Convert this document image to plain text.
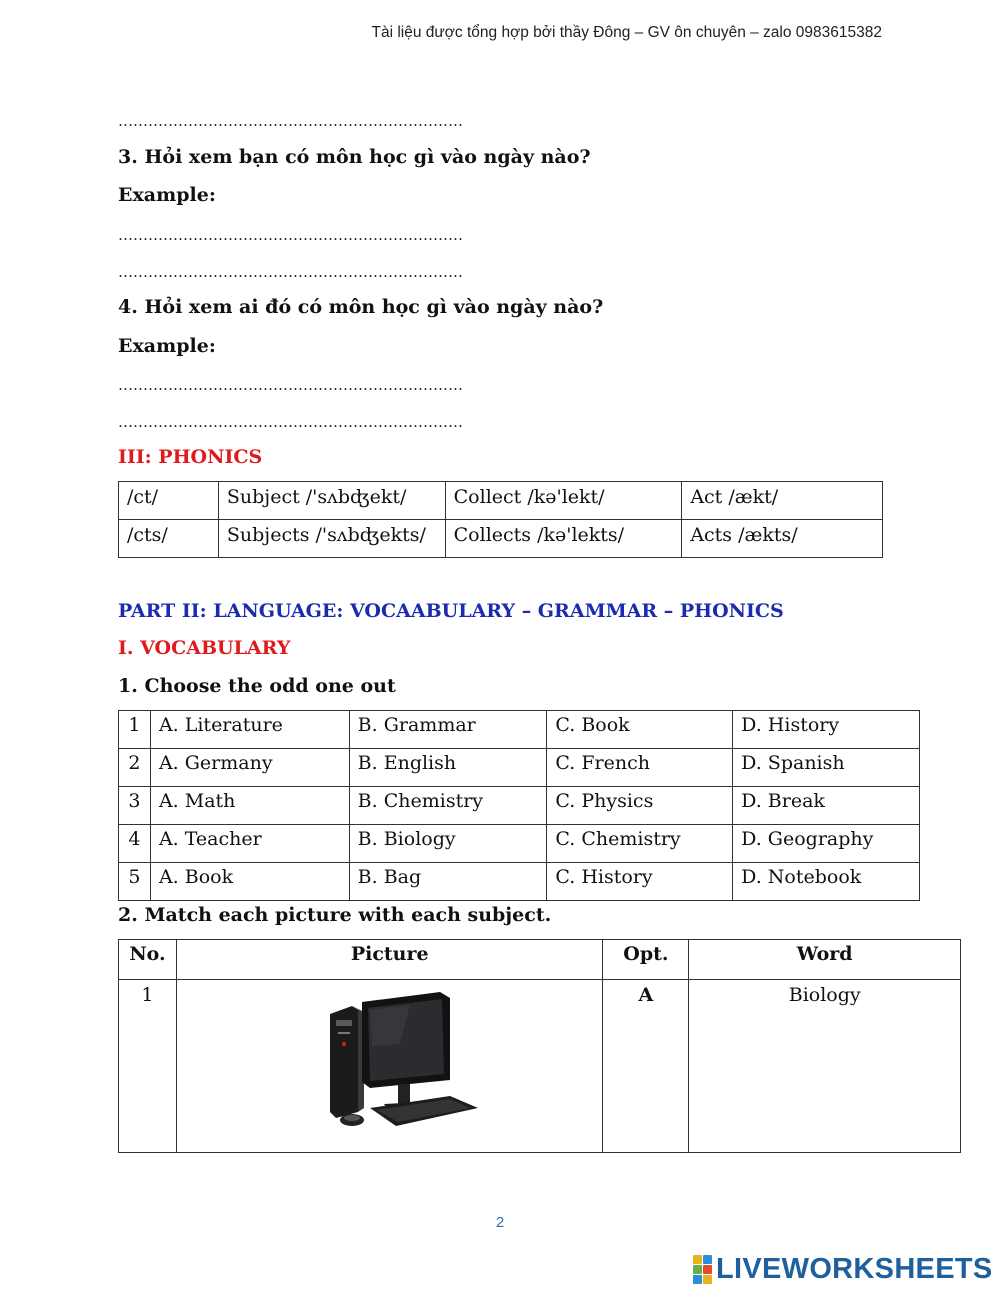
Tài liệu được tổng hợp bởi thầy Đông – GV ôn chuyên – zalo 0983615382
……………………………………………………………
3. Hỏi xem bạn có môn học gì vào ngày nào?
Example:
……………………………………………………………
……………………………………………………………
4. Hỏi xem ai đó có môn học gì vào ngày nào?
Example:
……………………………………………………………
……………………………………………………………
III: PHONICS
/ct/	Subject /'sʌbʤekt/	Collect /kə'lekt/	Act /ækt/
/cts/	Subjects /'sʌbʤekts/	Collects /kə'lekts/	Acts /ækts/
PART II: LANGUAGE: VOCAABULARY – GRAMMAR – PHONICS
I. VOCABULARY
1. Choose the odd one out
1	A. Literature	B. Grammar	C. Book	D. History
2	A. Germany	B. English	C. French	D. Spanish
3	A. Math	B. Chemistry	C. Physics	D. Break
4	A. Teacher	B. Biology	C. Chemistry	D. Geography
5	A. Book	B. Bag	C. History	D. Notebook
2. Match each picture with each subject.
No.	Picture	Opt.	Word
1		A	Biology
2
LIVEWORKSHEETS
